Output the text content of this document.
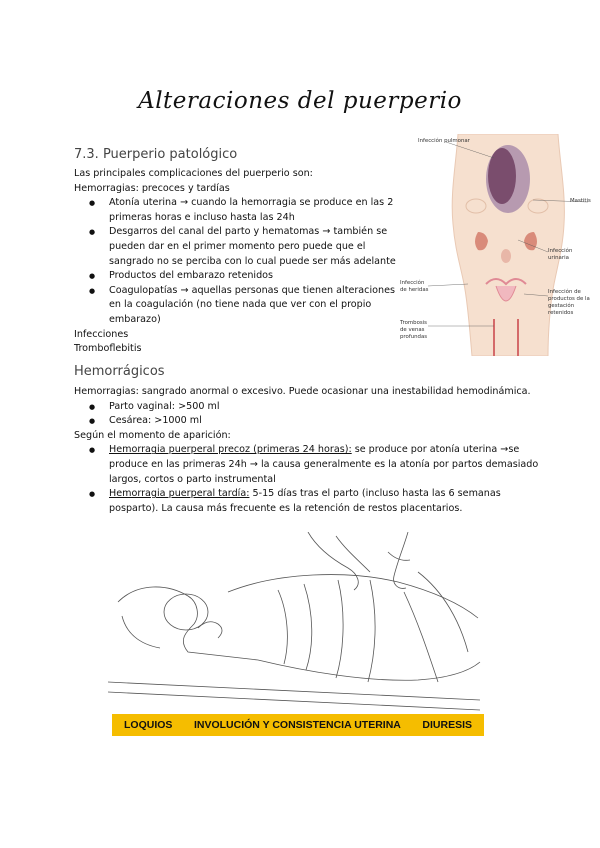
Alteraciones del puerperio
7.3. Puerperio patológico

Las principales complicaciones del puerperio son:

Hemorragias: precoces y tardías

● Atonía uterina → cuando la hemorragia se produce en las 2 primeras horas e incluso hasta las 24h
● Desgarros del canal del parto y hematomas → también se pueden dar en el primer momento pero puede que el sangrado no se perciba con lo cual puede ser más adelante
● Productos del embarazo retenidos
● Coagulopatías → aquellas personas que tienen alteraciones en la coagulación (no tiene nada que ver con el propio embarazo)

Infecciones

Tromboflebitis

Infección pulmonar
Mastitis
Infección urinaria
Infección de heridas	Infección de productos de la gestación retenidos
Trombosis de venas profundas
Hemorrágicos

Hemorragias: sangrado anormal o excesivo. Puede ocasionar una inestabilidad hemodinámica.

● Parto vaginal: >500 ml
● Cesárea: >1000 ml

Según el momento de aparición:

● Hemorragia puerperal precoz (primeras 24 horas): se produce por atonía uterina →se produce en las primeras 24h → la causa generalmente es la atonía por partos demasiado largos, cortos o parto instrumental
● Hemorragia puerperal tardía: 5-15 días tras el parto (incluso hasta las 6 semanas posparto). La causa más frecuente es la retención de restos placentarios.
LOQUIOS INVOLUCIÓN Y CONSISTENCIA UTERINA DIURESIS
